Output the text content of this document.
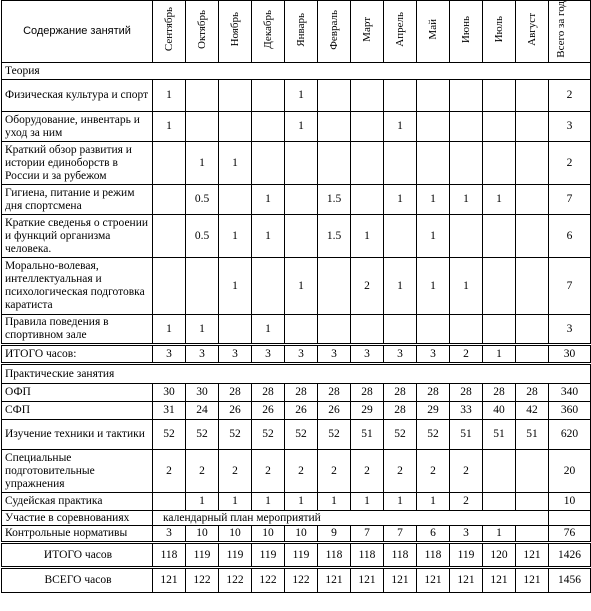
Содержание занятий	Сентябрь	Октябрь	Ноябрь	Декабрь	Январь	Февраль	Март	Апрель	Май	Июнь	Июль	Август	Всего за год
Теория													
Физическая культура и спорт	1				1								2
Оборудование, инвентарь и уход за ним	1				1			1					3
Краткий обзор развития и истории единоборств в России и за рубежом		1	1										2
Гигиена, питание и режим дня спортсмена		0.5		1		1.5		1	1	1	1		7
Краткие сведенья о строении и функций организма человека.		0.5	1	1		1.5	1		1				6
Морально-волевая, интеллектуальная и психологическая подготовка каратиста			1		1		2	1	1	1			7
Правила поведения в спортивном зале	1	1		1									3
ИТОГО часов:	3	3	3	3	3	3	3	3	3	2	1		30
Практические занятия													
ОФП	30	30	28	28	28	28	28	28	28	28	28	28	340
СФП	31	24	26	26	26	26	29	28	29	33	40	42	360
Изучение техники и тактики	52	52	52	52	52	52	51	52	52	51	51	51	620
Специальные подготовительные упражнения	2	2	2	2	2	2	2	2	2	2			20
Судейская практика		1	1	1	1	1	1	1	1	2			10
Участие в соревнованиях	календарный план мероприятий												
Контрольные нормативы	3	10	10	10	10	9	7	7	6	3	1		76
ИТОГО часов	118	119	119	119	119	118	118	118	118	119	120	121	1426
ВСЕГО часов	121	122	122	122	122	121	121	121	121	121	121	121	1456
